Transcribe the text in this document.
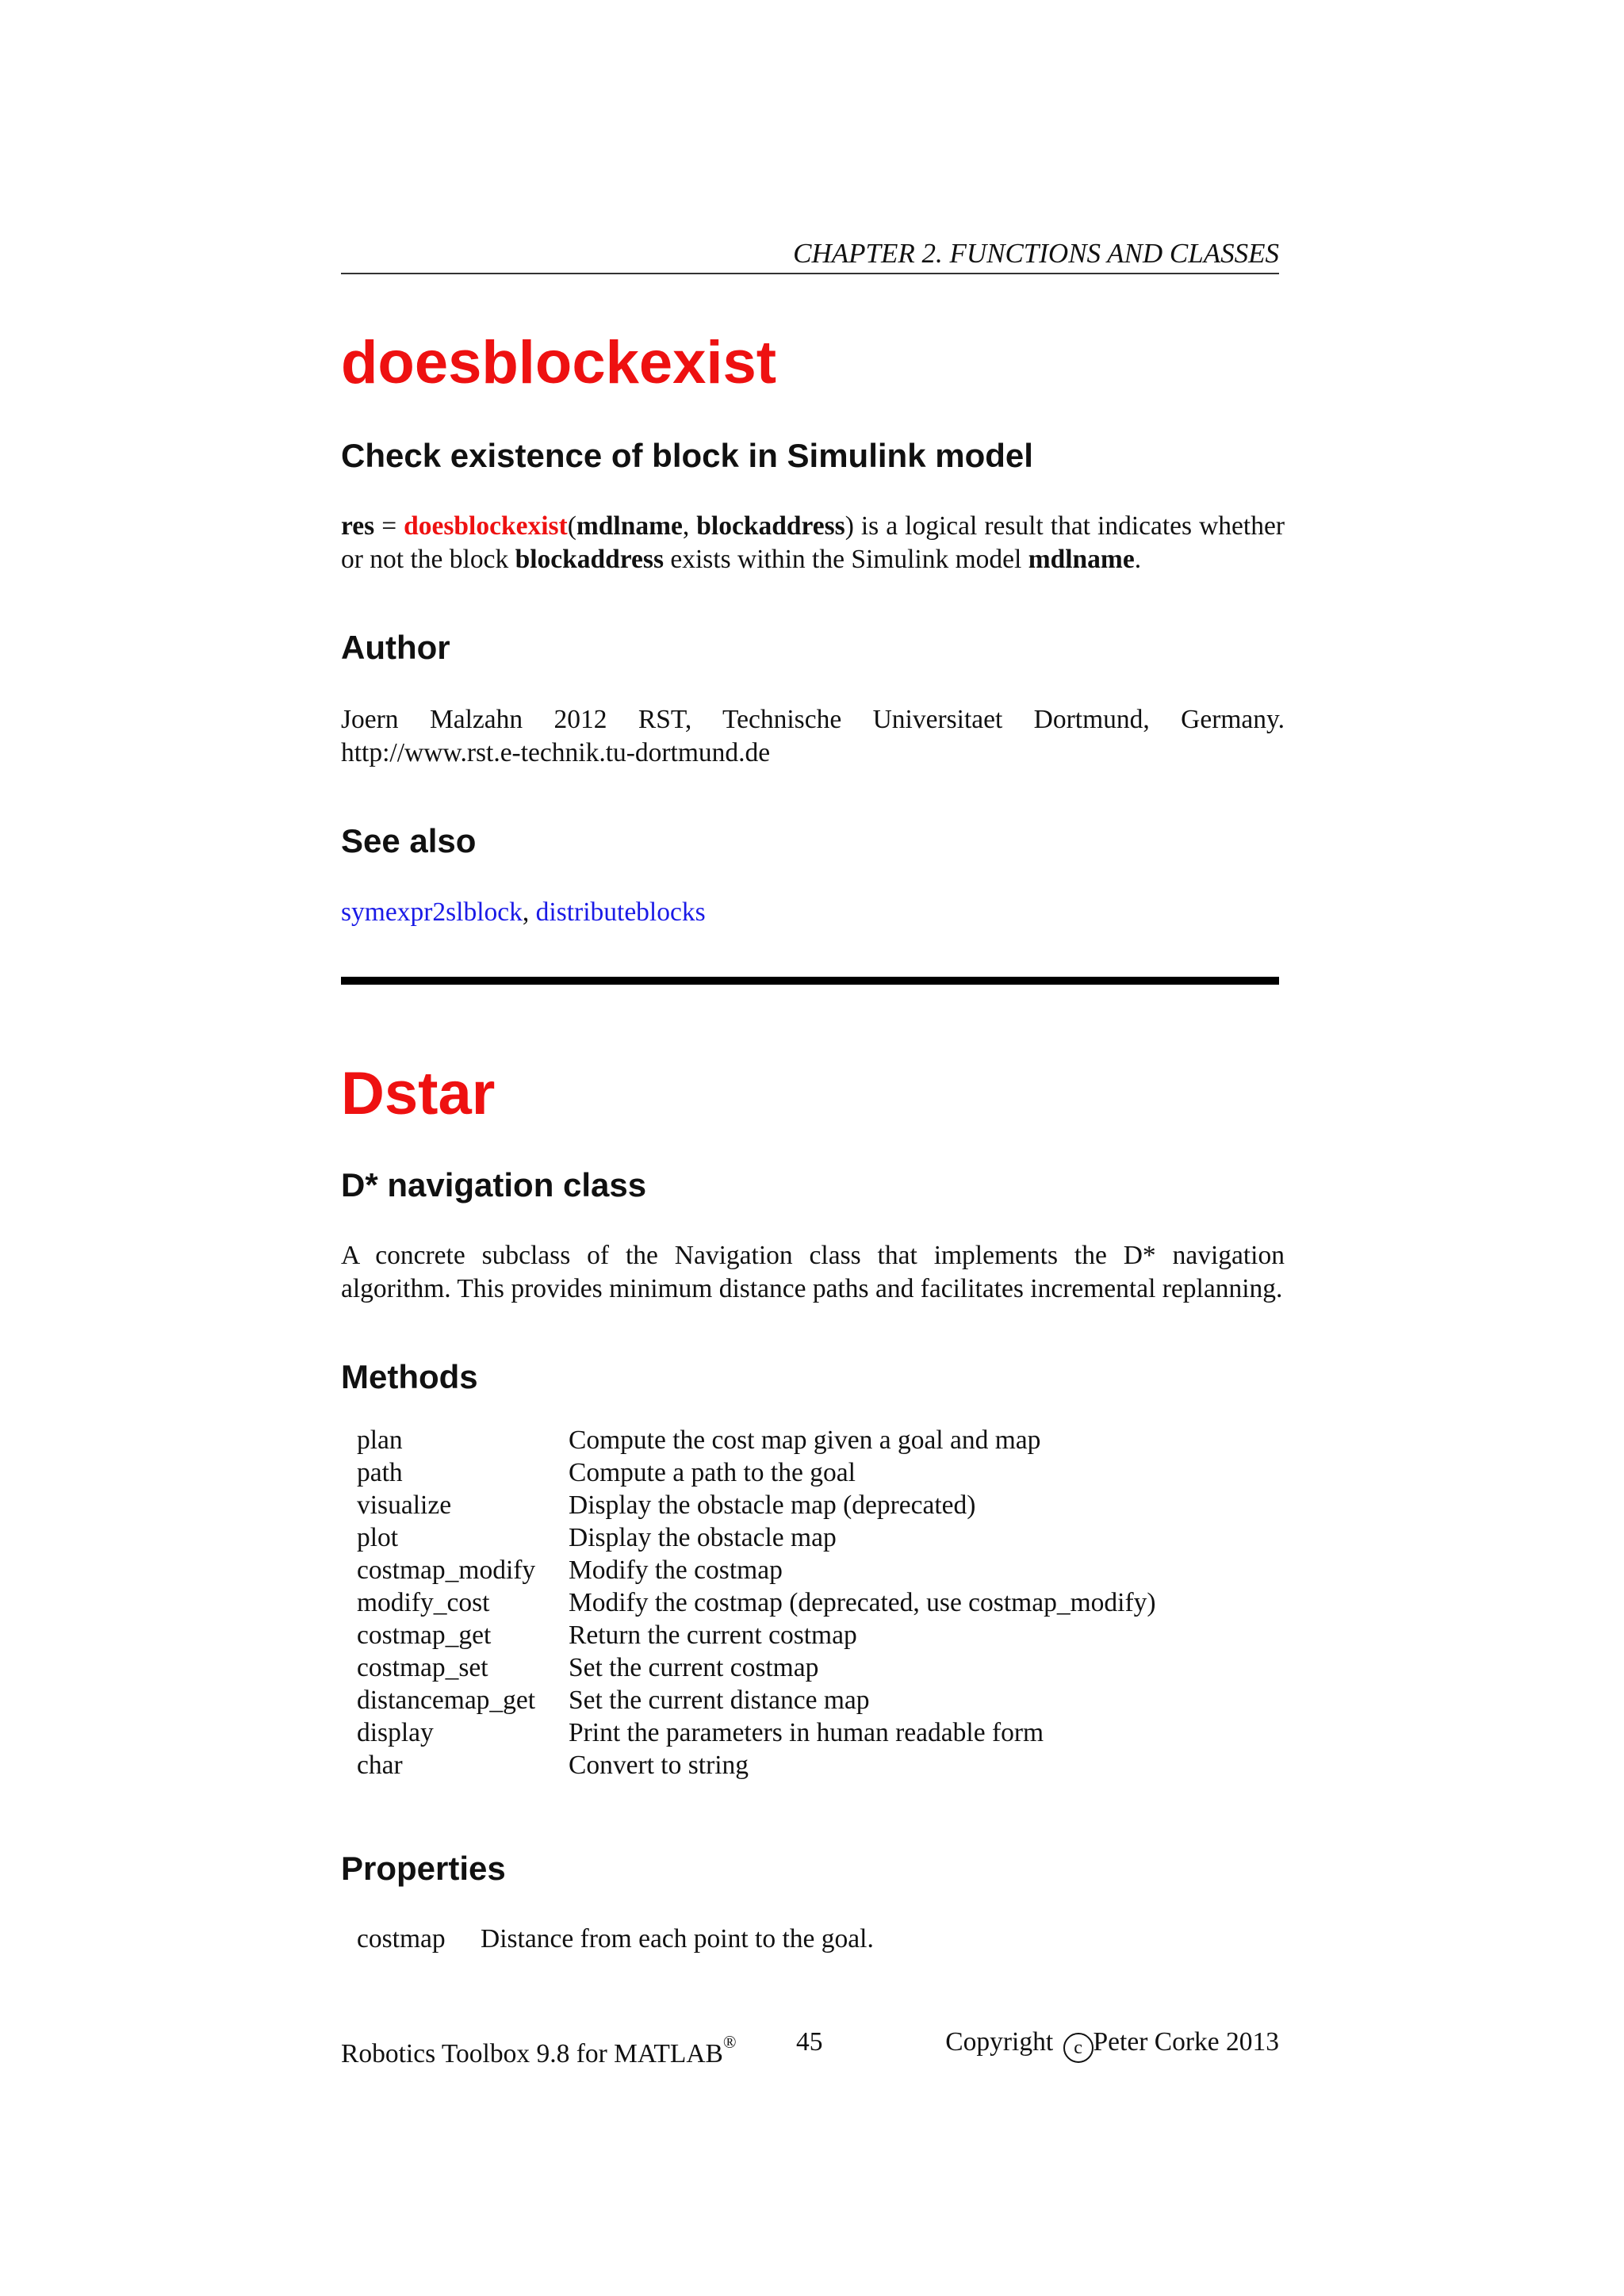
CHAPTER 2. FUNCTIONS AND CLASSES
doesblockexist
Check existence of block in Simulink model

res = doesblockexist(mdlname, blockaddress) is a logical result that indicates whether or not the block blockaddress exists within the Simulink model mdlname.

Author

Joern Malzahn 2012 RST, Technische Universitaet Dortmund, Germany. http://www.rst.e-technik.tu-dortmund.de

See also

symexpr2slblock, distributeblocks

Dstar
D* navigation class

A concrete subclass of the Navigation class that implements the D* navigation algorithm. This provides minimum distance paths and facilitates incremental replanning.

Methods
plan	Compute the cost map given a goal and map
path	Compute a path to the goal
visualize	Display the obstacle map (deprecated)
plot	Display the obstacle map
costmap_modify	Modify the costmap
modify_cost	Modify the costmap (deprecated, use costmap_modify)
costmap_get	Return the current costmap
costmap_set	Set the current costmap
distancemap_get	Set the current distance map
display	Print the parameters in human readable form
char	Convert to string
Properties
costmap	Distance from each point to the goal.
Robotics Toolbox 9.8 for MATLAB® 45	Copyright c Peter Corke 2013
